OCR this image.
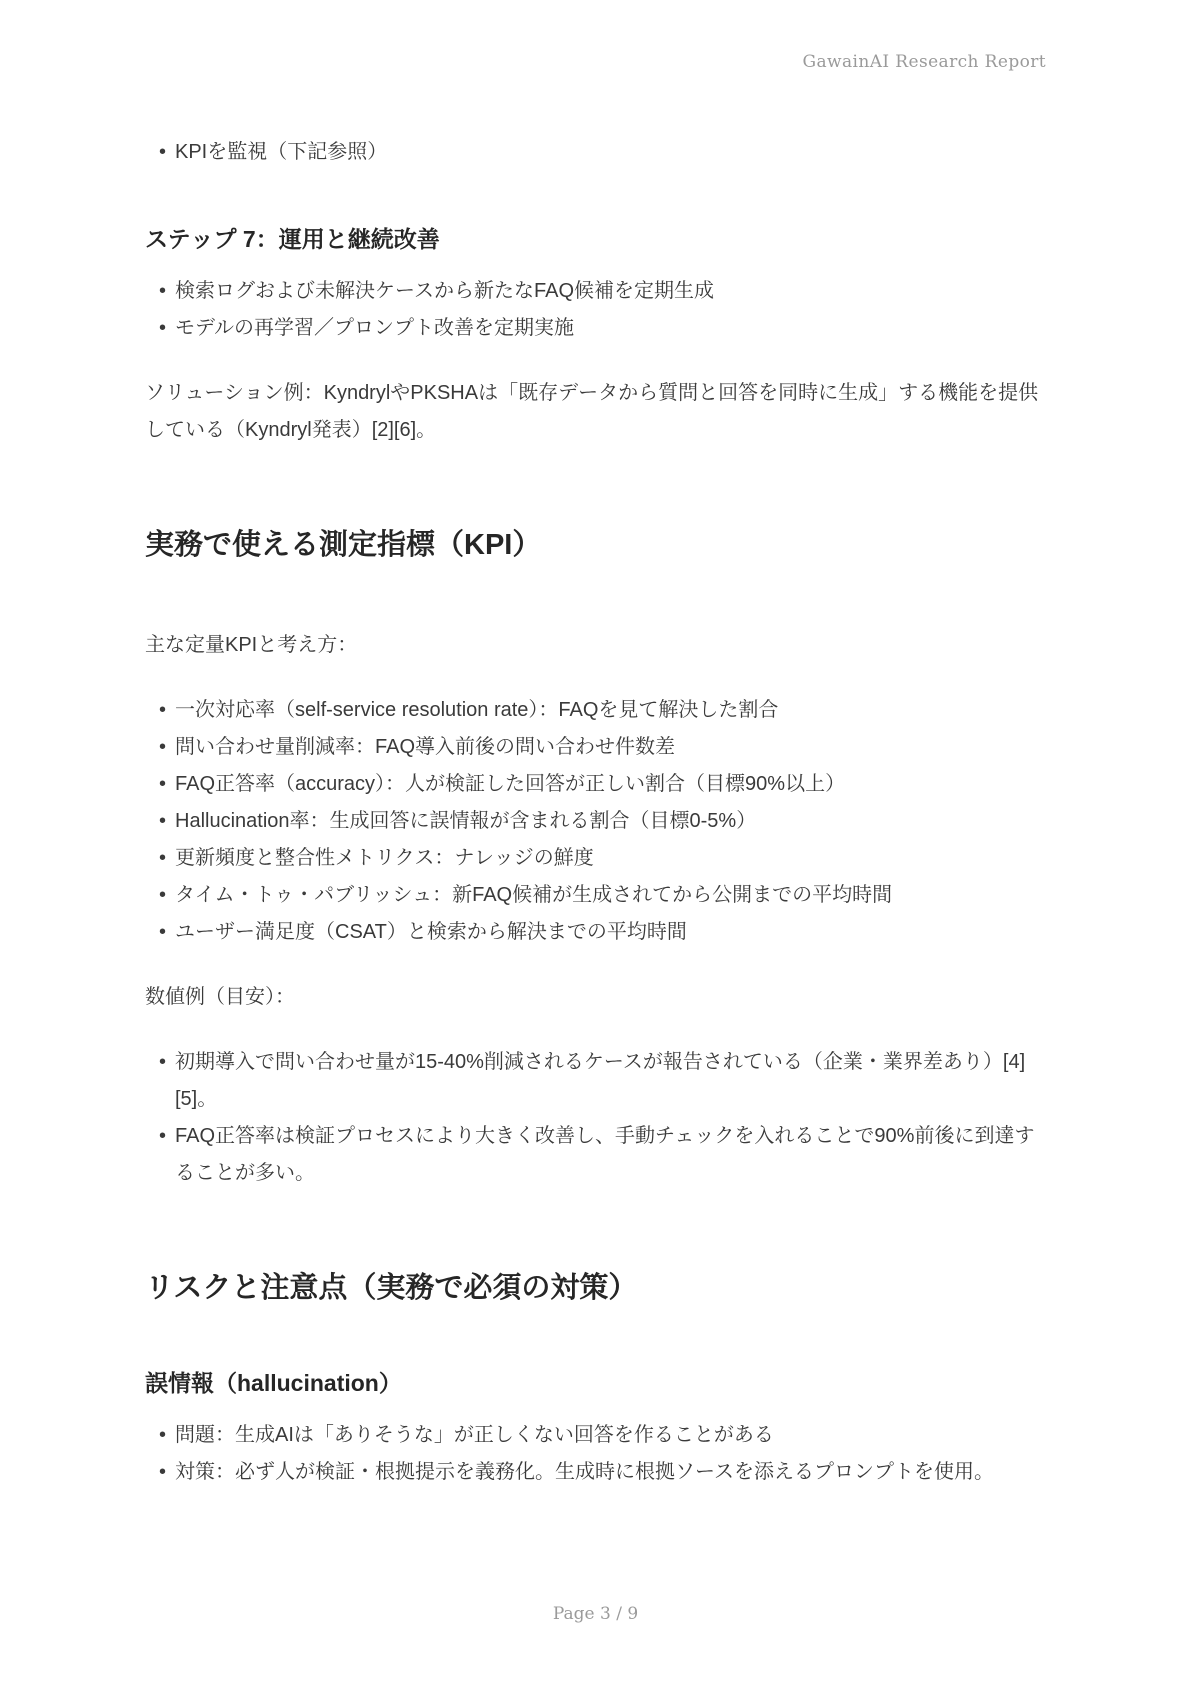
GawainAI Research Report
• KPIを監視（下記参照）
ステップ 7：運用と継続改善
• 検索ログおよび未解決ケースから新たなFAQ候補を定期生成
• モデルの再学習／プロンプト改善を定期実施

ソリューション例：KyndrylやPKSHAは「既存データから質問と回答を同時に生成」する機能を提供している（Kyndryl発表）[2][6]。

実務で使える測定指標（KPI）

主な定量KPIと考え方：

• 一次対応率（self-service resolution rate）：FAQを見て解決した割合
• 問い合わせ量削減率：FAQ導入前後の問い合わせ件数差
• FAQ正答率（accuracy）：人が検証した回答が正しい割合（目標90%以上）
• Hallucination率：生成回答に誤情報が含まれる割合（目標0-5%）
• 更新頻度と整合性メトリクス：ナレッジの鮮度
• タイム・トゥ・パブリッシュ：新FAQ候補が生成されてから公開までの平均時間
• ユーザー満足度（CSAT）と検索から解決までの平均時間

数値例（目安）：

• 初期導入で問い合わせ量が15-40%削減されるケースが報告されている（企業・業界差あり）[4][5]。
• FAQ正答率は検証プロセスにより大きく改善し、手動チェックを入れることで90%前後に到達することが多い。
リスクと注意点（実務で必須の対策）
誤情報（hallucination）
• 問題：生成AIは「ありそうな」が正しくない回答を作ることがある
• 対策：必ず人が検証・根拠提示を義務化。生成時に根拠ソースを添えるプロンプトを使用。
Page 3 / 9
